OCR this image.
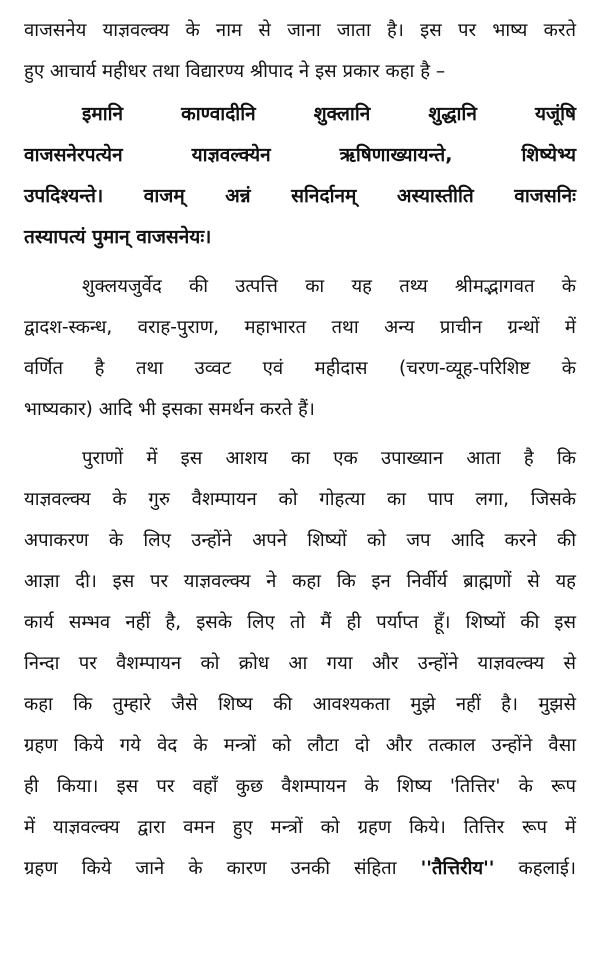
वाजसनेय याज्ञवल्क्य के नाम से जाना जाता है। इस पर भाष्य करते
हुए आचार्य महीधर तथा विद्यारण्य श्रीपाद ने इस प्रकार कहा है –
इमानि काण्वादीनि शुक्लानि शुद्धानि यजूंषि
वाजसनेरपत्येन याज्ञवल्क्येन ऋषिणाख्यायन्ते, शिष्येभ्य
उपदिश्यन्ते। वाजम् अन्नं सनिर्दानम् अस्यास्तीति वाजसनिः
तस्यापत्यं पुमान् वाजसनेयः।
शुक्लयजुर्वेद की उत्पत्ति का यह तथ्य श्रीमद्भागवत के
द्वादश-स्कन्ध, वराह-पुराण, महाभारत तथा अन्य प्राचीन ग्रन्थों में
वर्णित है तथा उव्वट एवं महीदास (चरण-व्यूह-परिशिष्ट के
भाष्यकार) आदि भी इसका समर्थन करते हैं।
पुराणों में इस आशय का एक उपाख्यान आता है कि
याज्ञवल्क्य के गुरु वैशम्पायन को गोहत्या का पाप लगा, जिसके
अपाकरण के लिए उन्होंने अपने शिष्यों को जप आदि करने की
आज्ञा दी। इस पर याज्ञवल्क्य ने कहा कि इन निर्वीर्य ब्राह्मणों से यह
कार्य सम्भव नहीं है, इसके लिए तो मैं ही पर्याप्त हूँ। शिष्यों की इस
निन्दा पर वैशम्पायन को क्रोध आ गया और उन्होंने याज्ञवल्क्य से
कहा कि तुम्हारे जैसे शिष्य की आवश्यकता मुझे नहीं है। मुझसे
ग्रहण किये गये वेद के मन्त्रों को लौटा दो और तत्काल उन्होंने वैसा
ही किया। इस पर वहाँ कुछ वैशम्पायन के शिष्य 'तित्तिर' के रूप
में याज्ञवल्क्य द्वारा वमन हुए मन्त्रों को ग्रहण किये। तित्तिर रूप में
ग्रहण किये जाने के कारण उनकी संहिता ''तैत्तिरीय'' कहलाई।
